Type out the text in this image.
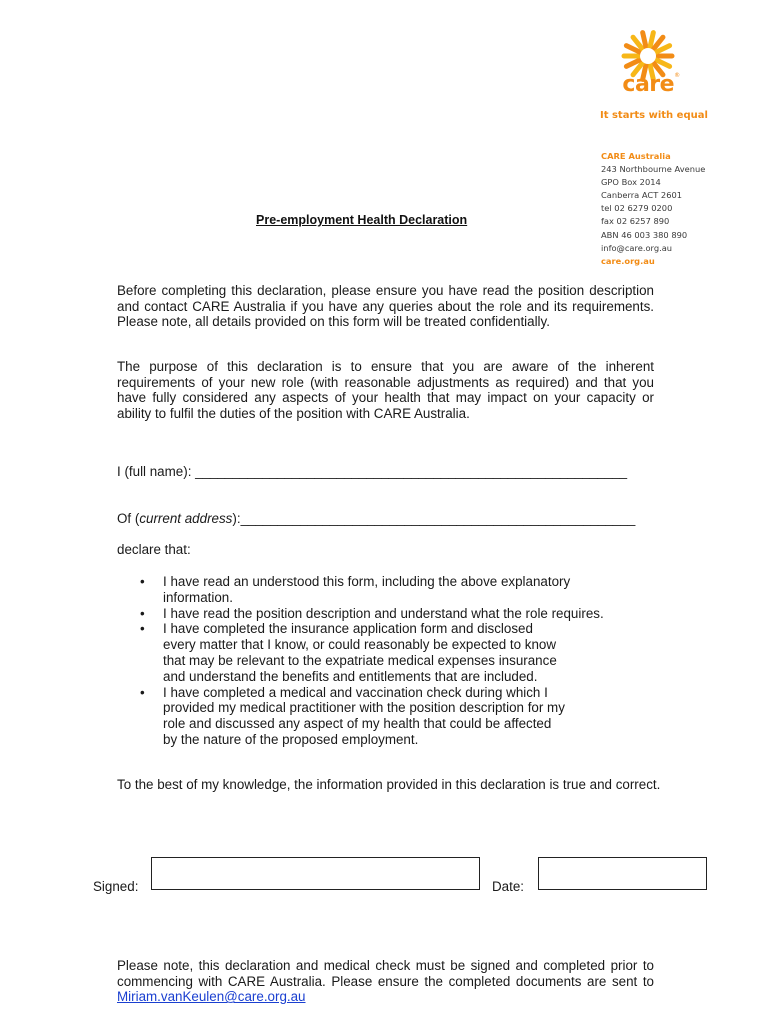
care®
It starts with equal
CARE Australia
243 Northbourne Avenue
GPO Box 2014
Canberra ACT 2601
tel 02 6279 0200
fax 02 6257 890
ABN 46 003 380 890
info@care.org.au
care.org.au
Pre-employment Health Declaration
Before completing this declaration, please ensure you have read the position description and contact CARE Australia if you have any queries about the role and its requirements. Please note, all details provided on this form will be treated confidentially.
The purpose of this declaration is to ensure that you are aware of the inherent requirements of your new role (with reasonable adjustments as required) and that you have fully considered any aspects of your health that may impact on your capacity or ability to fulfil the duties of the position with CARE Australia.
I (full name): __________________________________________________________
Of (current address):_____________________________________________________
declare that:
• I have read an understood this form, including the above explanatory
information.
• I have read the position description and understand what the role requires.
• I have completed the insurance application form and disclosed
every matter that I know, or could reasonably be expected to know
that may be relevant to the expatriate medical expenses insurance
and understand the benefits and entitlements that are included.
• I have completed a medical and vaccination check during which I
provided my medical practitioner with the position description for my
role and discussed any aspect of my health that could be affected
by the nature of the proposed employment.
To the best of my knowledge, the information provided in this declaration is true and correct.
Signed:	Date:
Please note, this declaration and medical check must be signed and completed prior to commencing with CARE Australia. Please ensure the completed documents are sent to Miriam.vanKeulen@care.org.au
